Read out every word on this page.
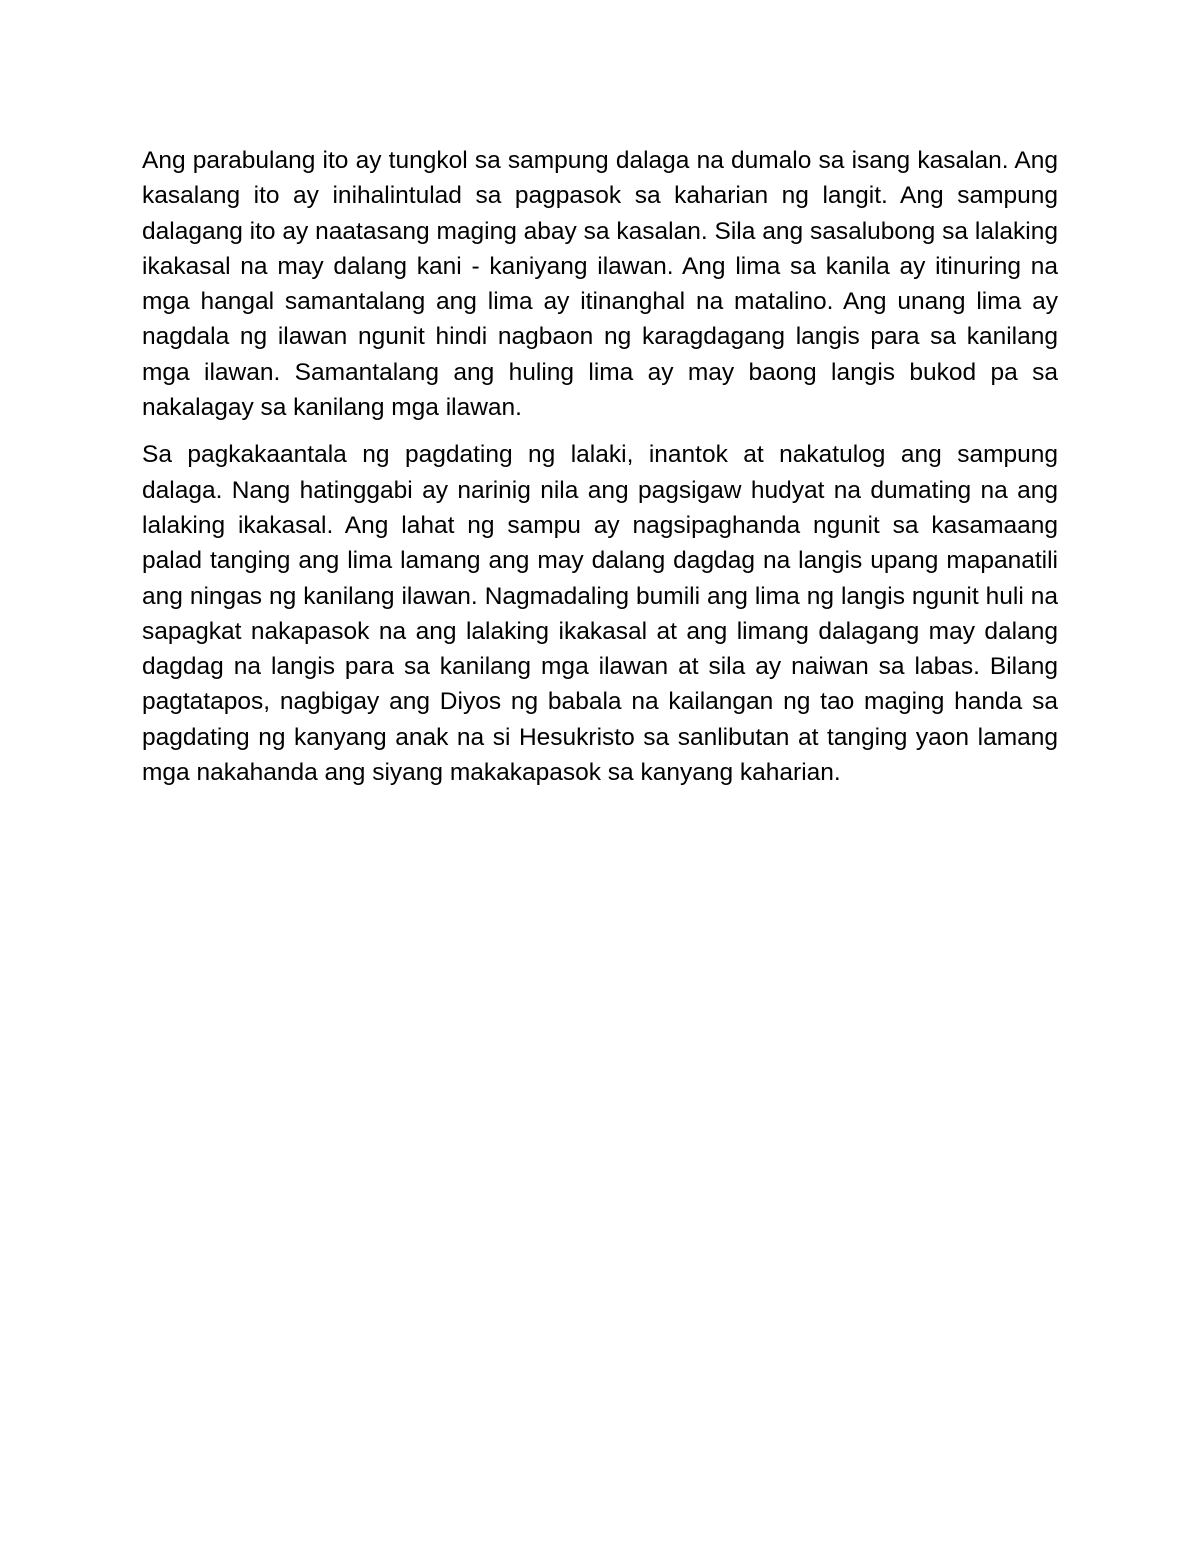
Ang parabulang ito ay tungkol sa sampung dalaga na dumalo sa isang kasalan. Ang kasalang ito ay inihalintulad sa pagpasok sa kaharian ng langit. Ang sampung dalagang ito ay naatasang maging abay sa kasalan. Sila ang sasalubong sa lalaking ikakasal na may dalang kani - kaniyang ilawan. Ang lima sa kanila ay itinuring na mga hangal samantalang ang lima ay itinanghal na matalino. Ang unang lima ay nagdala ng ilawan ngunit hindi nagbaon ng karagdagang langis para sa kanilang mga ilawan. Samantalang ang huling lima ay may baong langis bukod pa sa nakalagay sa kanilang mga ilawan.

Sa pagkakaantala ng pagdating ng lalaki, inantok at nakatulog ang sampung dalaga. Nang hatinggabi ay narinig nila ang pagsigaw hudyat na dumating na ang lalaking ikakasal. Ang lahat ng sampu ay nagsipaghanda ngunit sa kasamaang palad tanging ang lima lamang ang may dalang dagdag na langis upang mapanatili ang ningas ng kanilang ilawan. Nagmadaling bumili ang lima ng langis ngunit huli na sapagkat nakapasok na ang lalaking ikakasal at ang limang dalagang may dalang dagdag na langis para sa kanilang mga ilawan at sila ay naiwan sa labas. Bilang pagtatapos, nagbigay ang Diyos ng babala na kailangan ng tao maging handa sa pagdating ng kanyang anak na si Hesukristo sa sanlibutan at tanging yaon lamang mga nakahanda ang siyang makakapasok sa kanyang kaharian.
